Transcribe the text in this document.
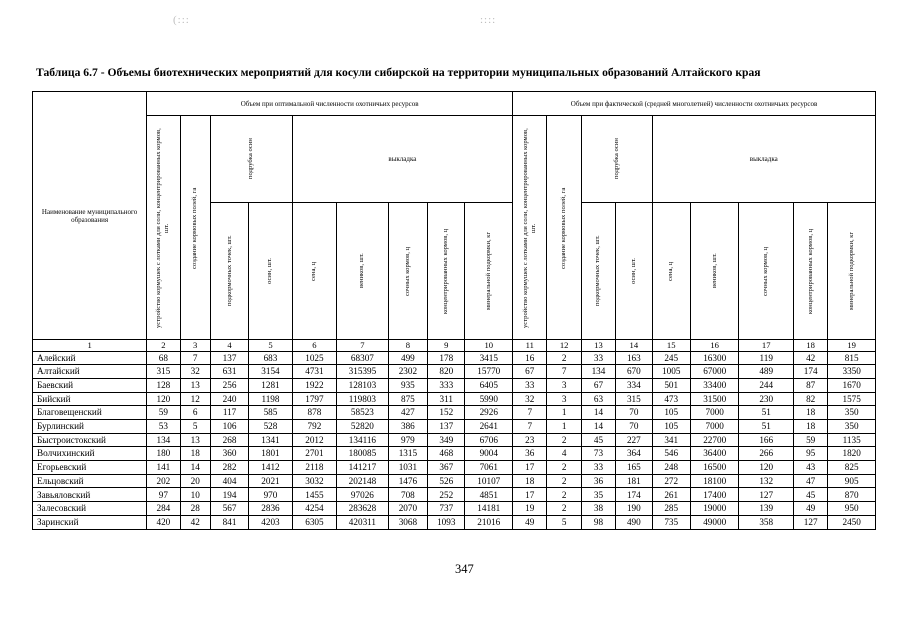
(:::	::::
Таблица 6.7 - Объемы биотехнических мероприятий для косули сибирской на территории муниципальных образований Алтайского края
Наименование муниципального образования	Объем при оптимальной численности охотничьих ресурсов									Объем при фактической (средней многолетней) численности охотничьих ресурсов								

	устройство кормушек с лотками для соли, концентрированных кормов, шт.	создание кормовых полей, га	подрубка осин		выкладка					устройство кормушек с лотками для соли, концентрированных кормов, шт.	создание кормовых полей, га	подрубка осин		выкладка				

			подкормочных точек, шт.	осин, шт.	сена, ц	веников, шт.	сочных кормов, ц	концентрированных кормов, ц	минеральной подкормки, кг			подкормочных точек, шт.	осин, шт.	сена, ц	веников, шт.	сочных кормов, ц	концентрированных кормов, ц	минеральной подкормки, кг

1	2	3	4	5	6	7	8	9	10	11	12	13	14	15	16	17	18	19
Алейский	68	7	137	683	1025	68307	499	178	3415	16	2	33	163	245	16300	119	42	815
Алтайский	315	32	631	3154	4731	315395	2302	820	15770	67	7	134	670	1005	67000	489	174	3350
Баевский	128	13	256	1281	1922	128103	935	333	6405	33	3	67	334	501	33400	244	87	1670
Бийский	120	12	240	1198	1797	119803	875	311	5990	32	3	63	315	473	31500	230	82	1575
Благовещенский	59	6	117	585	878	58523	427	152	2926	7	1	14	70	105	7000	51	18	350
Бурлинский	53	5	106	528	792	52820	386	137	2641	7	1	14	70	105	7000	51	18	350
Быстроистокский	134	13	268	1341	2012	134116	979	349	6706	23	2	45	227	341	22700	166	59	1135
Волчихинский	180	18	360	1801	2701	180085	1315	468	9004	36	4	73	364	546	36400	266	95	1820
Егорьевский	141	14	282	1412	2118	141217	1031	367	7061	17	2	33	165	248	16500	120	43	825
Ельцовский	202	20	404	2021	3032	202148	1476	526	10107	18	2	36	181	272	18100	132	47	905
Завьяловский	97	10	194	970	1455	97026	708	252	4851	17	2	35	174	261	17400	127	45	870
Залесовский	284	28	567	2836	4254	283628	2070	737	14181	19	2	38	190	285	19000	139	49	950
Заринский	420	42	841	4203	6305	420311	3068	1093	21016	49	5	98	490	735	49000	358	127	2450
347
